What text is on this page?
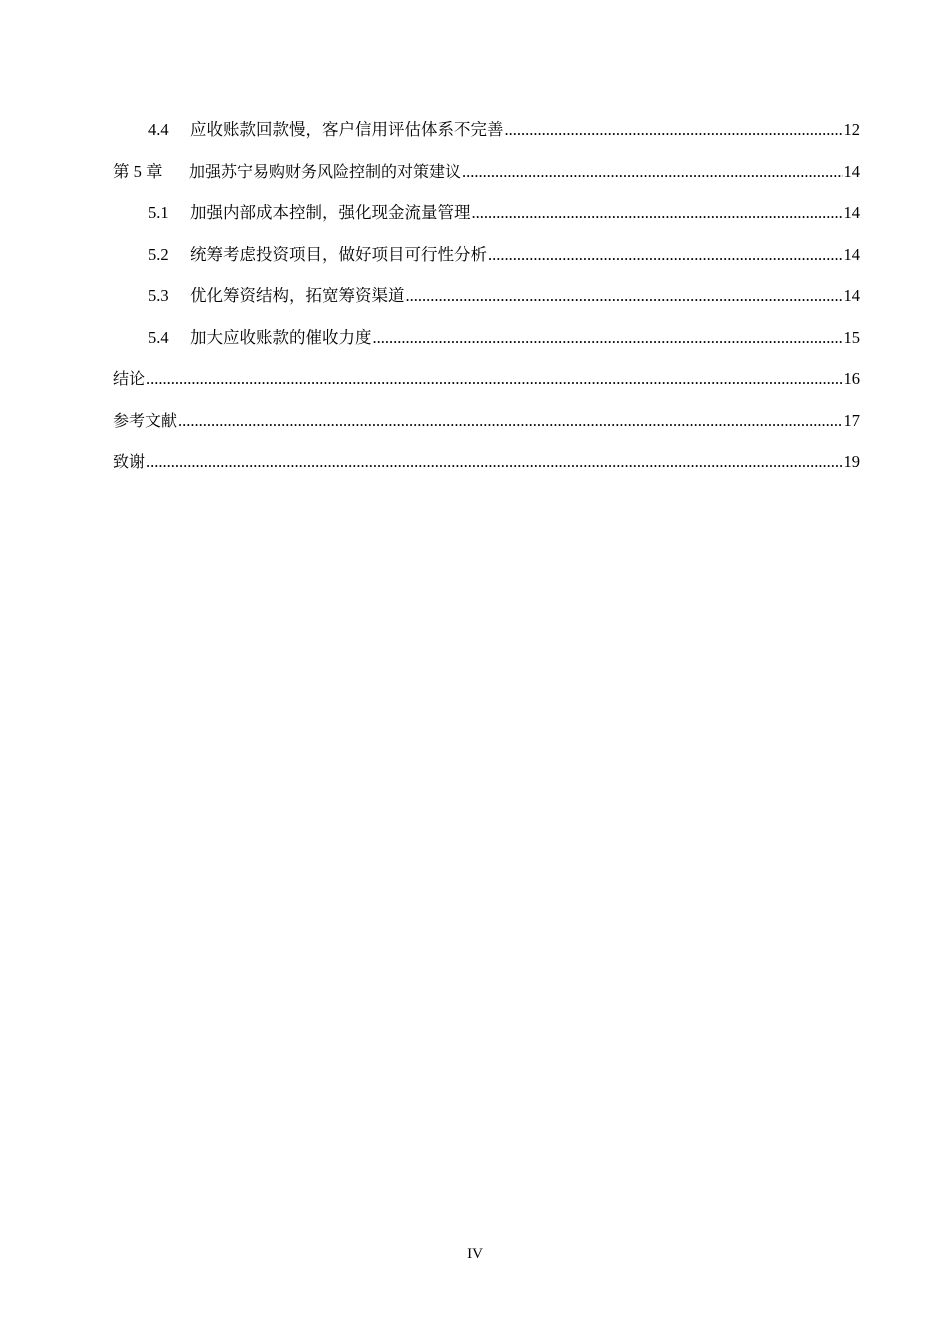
4.4	应收账款回款慢，客户信用评估体系不完善 .....	12
第 5 章	加强苏宁易购财务风险控制的对策建议 .....	14
5.1	加强内部成本控制，强化现金流量管理 .....	14
5.2	统筹考虑投资项目，做好项目可行性分析 .....	14
5.3	优化筹资结构，拓宽筹资渠道 .....	14
5.4	加大应收账款的催收力度 .....	15
结论 .....	16
参考文献 .....	17
致谢 .....	19
IV
